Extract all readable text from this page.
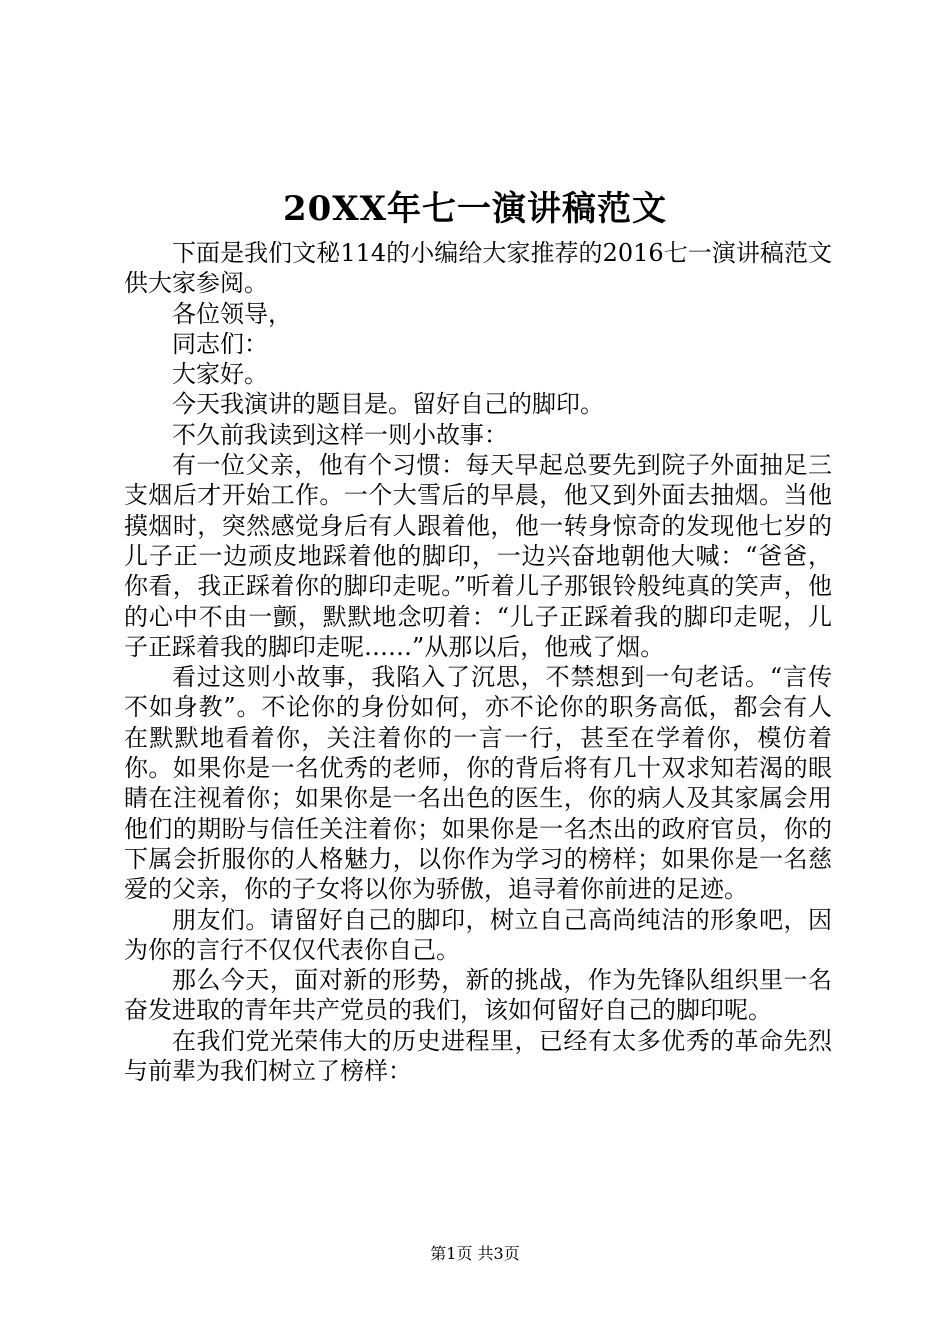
20XX年七一演讲稿范文

下面是我们文秘114的小编给大家推荐的2016七一演讲稿范文供大家参阅。

各位领导，

同志们：

大家好。

今天我演讲的题目是。留好自己的脚印。

不久前我读到这样一则小故事：

有一位父亲，他有个习惯：每天早起总要先到院子外面抽足三支烟后才开始工作。一个大雪后的早晨，他又到外面去抽烟。当他摸烟时，突然感觉身后有人跟着他，他一转身惊奇的发现他七岁的儿子正一边顽皮地踩着他的脚印，一边兴奋地朝他大喊：“爸爸，你看，我正踩着你的脚印走呢。”听着儿子那银铃般纯真的笑声，他的心中不由一颤，默默地念叨着：“儿子正踩着我的脚印走呢，儿子正踩着我的脚印走呢……”从那以后，他戒了烟。

看过这则小故事，我陷入了沉思，不禁想到一句老话。“言传不如身教”。不论你的身份如何，亦不论你的职务高低，都会有人在默默地看着你，关注着你的一言一行，甚至在学着你，模仿着你。如果你是一名优秀的老师，你的背后将有几十双求知若渴的眼睛在注视着你；如果你是一名出色的医生，你的病人及其家属会用他们的期盼与信任关注着你；如果你是一名杰出的政府官员，你的下属会折服你的人格魅力，以你作为学习的榜样；如果你是一名慈爱的父亲，你的子女将以你为骄傲，追寻着你前进的足迹。

朋友们。请留好自己的脚印，树立自己高尚纯洁的形象吧，因为你的言行不仅仅代表你自己。

那么今天，面对新的形势，新的挑战，作为先锋队组织里一名奋发进取的青年共产党员的我们，该如何留好自己的脚印呢。

在我们党光荣伟大的历史进程里，已经有太多优秀的革命先烈与前辈为我们树立了榜样：

第1页 共3页
